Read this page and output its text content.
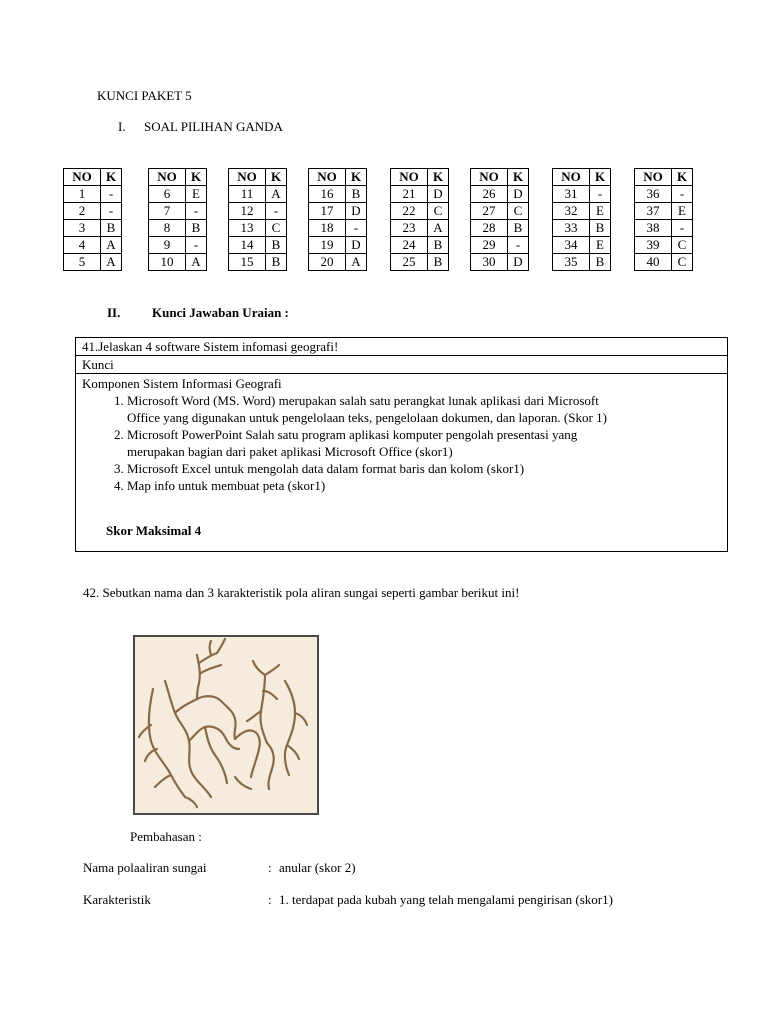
KUNCI PAKET 5
I. SOAL PILIHAN GANDA
NO	K
1	-
2	-
3	B
4	A
5	A
NO	K
6	E
7	-
8	B
9	-
10	A
NO	K
11	A
12	-
13	C
14	B
15	B
NO	K
16	B
17	D
18	-
19	D
20	A
NO	K
21	D
22	C
23	A
24	B
25	B
NO	K
26	D
27	C
28	B
29	-
30	D
NO	K
31	-
32	E
33	B
34	E
35	B
NO	K
36	-
37	E
38	-
39	C
40	C
II. Kunci Jawaban Uraian :
41.Jelaskan 4 software Sistem infomasi geografi!
Kunci
Komponen Sistem Informasi Geografi
1. Microsoft Word (MS. Word) merupakan salah satu perangkat lunak aplikasi dari Microsoft
Office yang digunakan untuk pengelolaan teks, pengelolaan dokumen, dan laporan. (Skor 1)
2. Microsoft PowerPoint Salah satu program aplikasi komputer pengolah presentasi yang
merupakan bagian dari paket aplikasi Microsoft Office (skor1)
3. Microsoft Excel untuk mengolah data dalam format baris dan kolom (skor1)
4. Map info untuk membuat peta (skor1)
Skor Maksimal 4
42. Sebutkan nama dan 3 karakteristik pola aliran sungai seperti gambar berikut ini!
Pembahasan :
Nama polaaliran sungai	: anular (skor 2)
Karakteristik	: 1. terdapat pada kubah yang telah mengalami pengirisan (skor1)
